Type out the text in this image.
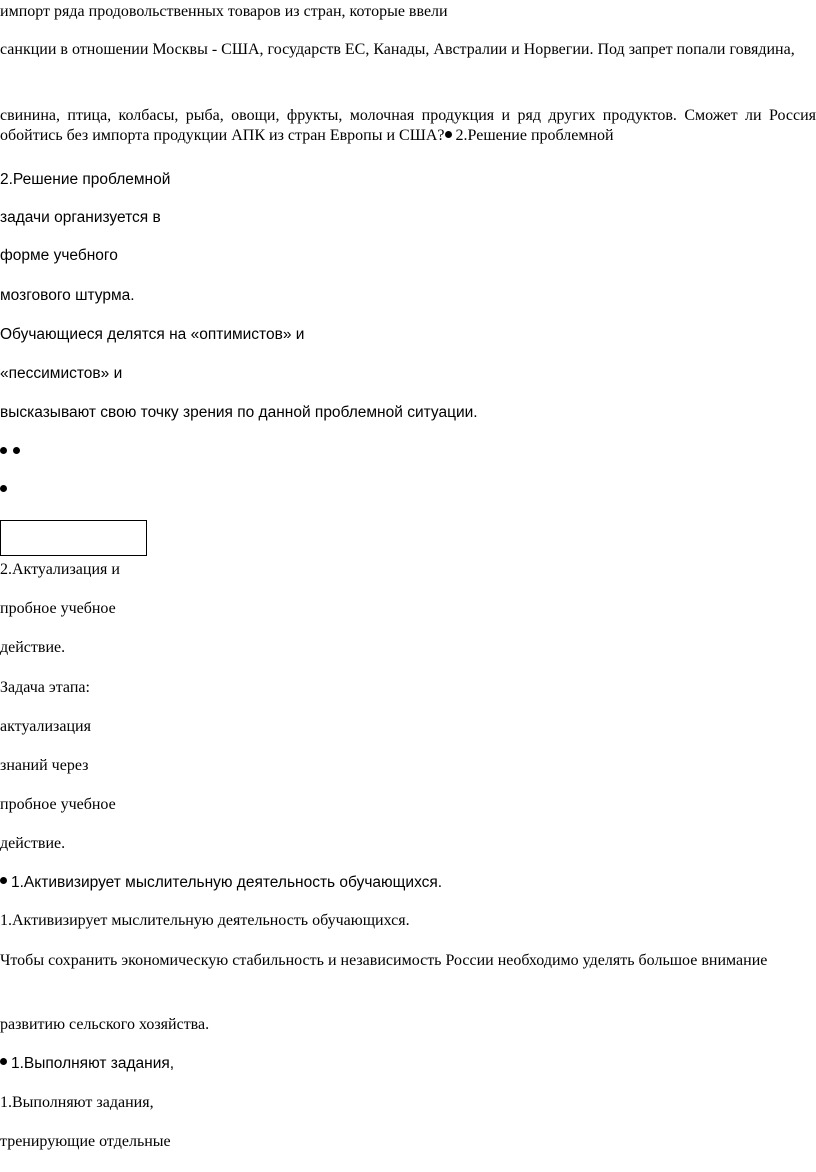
импорт ряда продовольственных товаров из стран, которые ввели

санкции в отношении Москвы - США, государств ЕС, Канады, Австралии и Норвегии. Под запрет попали говядина,

свинина, птица, колбасы, рыба, овощи, фрукты, молочная продукция и ряд других продуктов. Сможет ли Россия обойтись без импорта продукции АПК из стран Европы и США? 2.Решение проблемной

2.Решение проблемной

задачи организуется в

форме учебного

мозгового штурма.

Обучающиеся делятся на «оптимистов» и

«пессимистов» и

высказывают свою точку зрения по данной проблемной ситуации.

2.Актуализация и

пробное учебное

действие.

Задача этапа:

актуализация

знаний через

пробное учебное

действие.

1.Активизирует мыслительную деятельность обучающихся.

1.Активизирует мыслительную деятельность обучающихся.

Чтобы сохранить экономическую стабильность и независимость России необходимо уделять большое внимание

развитию сельского хозяйства.

1.Выполняют задания,

1.Выполняют задания,

тренирующие отдельные
